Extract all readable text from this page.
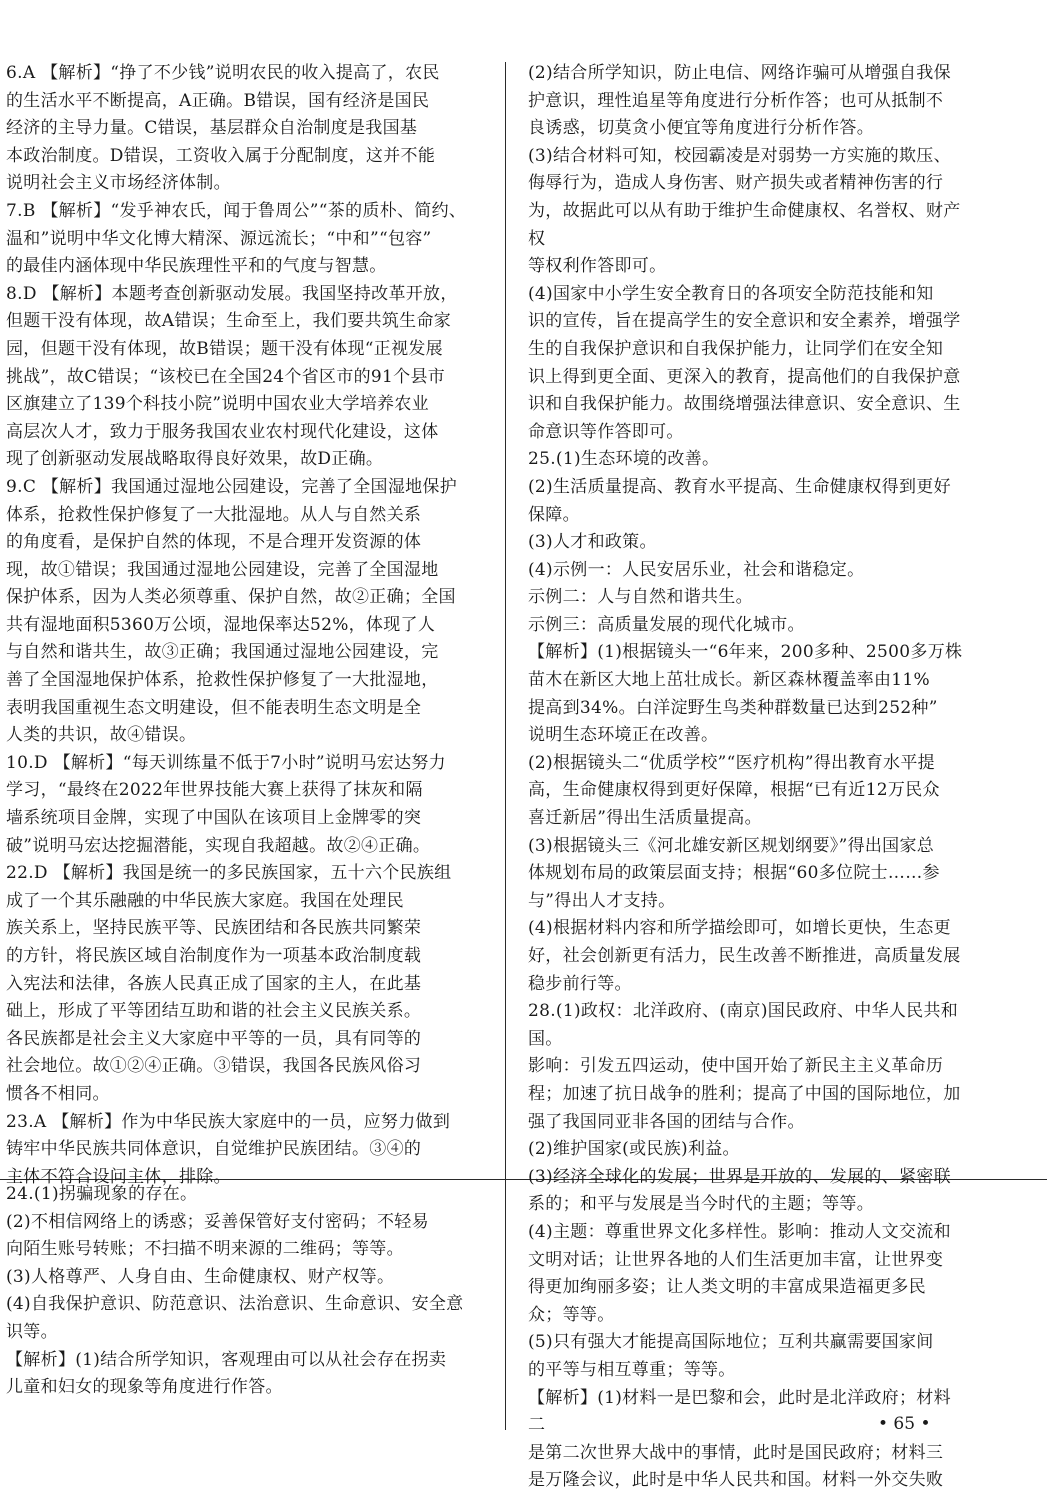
6.A 【解析】“挣了不少钱”说明农民的收入提高了，农民
的生活水平不断提高，A正确。B错误，国有经济是国民
经济的主导力量。C错误，基层群众自治制度是我国基
本政治制度。D错误，工资收入属于分配制度，这并不能
说明社会主义市场经济体制。
7.B 【解析】“发乎神农氏，闻于鲁周公”“茶的质朴、简约、
温和”说明中华文化博大精深、源远流长；“中和”“包容”
的最佳内涵体现中华民族理性平和的气度与智慧。
8.D 【解析】本题考查创新驱动发展。我国坚持改革开放，
但题干没有体现，故A错误；生命至上，我们要共筑生命家
园，但题干没有体现，故B错误；题干没有体现“正视发展
挑战”，故C错误；“该校已在全国24个省区市的91个县市
区旗建立了139个科技小院”说明中国农业大学培养农业
高层次人才，致力于服务我国农业农村现代化建设，这体
现了创新驱动发展战略取得良好效果，故D正确。
9.C 【解析】我国通过湿地公园建设，完善了全国湿地保护
体系，抢救性保护修复了一大批湿地。从人与自然关系
的角度看，是保护自然的体现，不是合理开发资源的体
现，故①错误；我国通过湿地公园建设，完善了全国湿地
保护体系，因为人类必须尊重、保护自然，故②正确；全国
共有湿地面积5360万公顷，湿地保率达52%，体现了人
与自然和谐共生，故③正确；我国通过湿地公园建设，完
善了全国湿地保护体系，抢救性保护修复了一大批湿地，
表明我国重视生态文明建设，但不能表明生态文明是全
人类的共识，故④错误。
10.D 【解析】“每天训练量不低于7小时”说明马宏达努力
学习，“最终在2022年世界技能大赛上获得了抹灰和隔
墙系统项目金牌，实现了中国队在该项目上金牌零的突
破”说明马宏达挖掘潜能，实现自我超越。故②④正确。
22.D 【解析】我国是统一的多民族国家，五十六个民族组
成了一个其乐融融的中华民族大家庭。我国在处理民
族关系上，坚持民族平等、民族团结和各民族共同繁荣
的方针，将民族区域自治制度作为一项基本政治制度载
入宪法和法律，各族人民真正成了国家的主人，在此基
础上，形成了平等团结互助和谐的社会主义民族关系。
各民族都是社会主义大家庭中平等的一员，具有同等的
社会地位。故①②④正确。③错误，我国各民族风俗习
惯各不相同。
23.A 【解析】作为中华民族大家庭中的一员，应努力做到
铸牢中华民族共同体意识，自觉维护民族团结。③④的
主体不符合设问主体，排除。
24.(1)拐骗现象的存在。
(2)不相信网络上的诱惑；妥善保管好支付密码；不轻易
向陌生账号转账；不扫描不明来源的二维码；等等。
(3)人格尊严、人身自由、生命健康权、财产权等。
(4)自我保护意识、防范意识、法治意识、生命意识、安全意
识等。
【解析】(1)结合所学知识，客观理由可以从社会存在拐卖
儿童和妇女的现象等角度进行作答。
(2)结合所学知识，防止电信、网络诈骗可从增强自我保
护意识，理性追星等角度进行分析作答；也可从抵制不
良诱惑，切莫贪小便宜等角度进行分析作答。
(3)结合材料可知，校园霸凌是对弱势一方实施的欺压、
侮辱行为，造成人身伤害、财产损失或者精神伤害的行
为，故据此可以从有助于维护生命健康权、名誉权、财产权
等权利作答即可。
(4)国家中小学生安全教育日的各项安全防范技能和知
识的宣传，旨在提高学生的安全意识和安全素养，增强学
生的自我保护意识和自我保护能力，让同学们在安全知
识上得到更全面、更深入的教育，提高他们的自我保护意
识和自我保护能力。故围绕增强法律意识、安全意识、生
命意识等作答即可。
25.(1)生态环境的改善。
(2)生活质量提高、教育水平提高、生命健康权得到更好
保障。
(3)人才和政策。
(4)示例一：人民安居乐业，社会和谐稳定。
示例二：人与自然和谐共生。
示例三：高质量发展的现代化城市。
【解析】(1)根据镜头一“6年来，200多种、2500多万株
苗木在新区大地上茁壮成长。新区森林覆盖率由11%
提高到34%。白洋淀野生鸟类种群数量已达到252种”
说明生态环境正在改善。
(2)根据镜头二“优质学校”“医疗机构”得出教育水平提
高，生命健康权得到更好保障，根据“已有近12万民众
喜迁新居”得出生活质量提高。
(3)根据镜头三《河北雄安新区规划纲要》”得出国家总
体规划布局的政策层面支持；根据“60多位院士……参
与”得出人才支持。
(4)根据材料内容和所学描绘即可，如增长更快，生态更
好，社会创新更有活力，民生改善不断推进，高质量发展
稳步前行等。
28.(1)政权：北洋政府、(南京)国民政府、中华人民共和国。
影响：引发五四运动，使中国开始了新民主主义革命历
程；加速了抗日战争的胜利；提高了中国的国际地位，加
强了我国同亚非各国的团结与合作。
(2)维护国家(或民族)利益。
(3)经济全球化的发展；世界是开放的、发展的、紧密联
系的；和平与发展是当今时代的主题；等等。
(4)主题：尊重世界文化多样性。影响：推动人文交流和
文明对话；让世界各地的人们生活更加丰富，让世界变
得更加绚丽多姿；让人类文明的丰富成果造福更多民
众；等等。
(5)只有强大才能提高国际地位；互利共赢需要国家间
的平等与相互尊重；等等。
【解析】(1)材料一是巴黎和会，此时是北洋政府；材料二
是第二次世界大战中的事情，此时是国民政府；材料三
是万隆会议，此时是中华人民共和国。材料一外交失败
• 65 •
